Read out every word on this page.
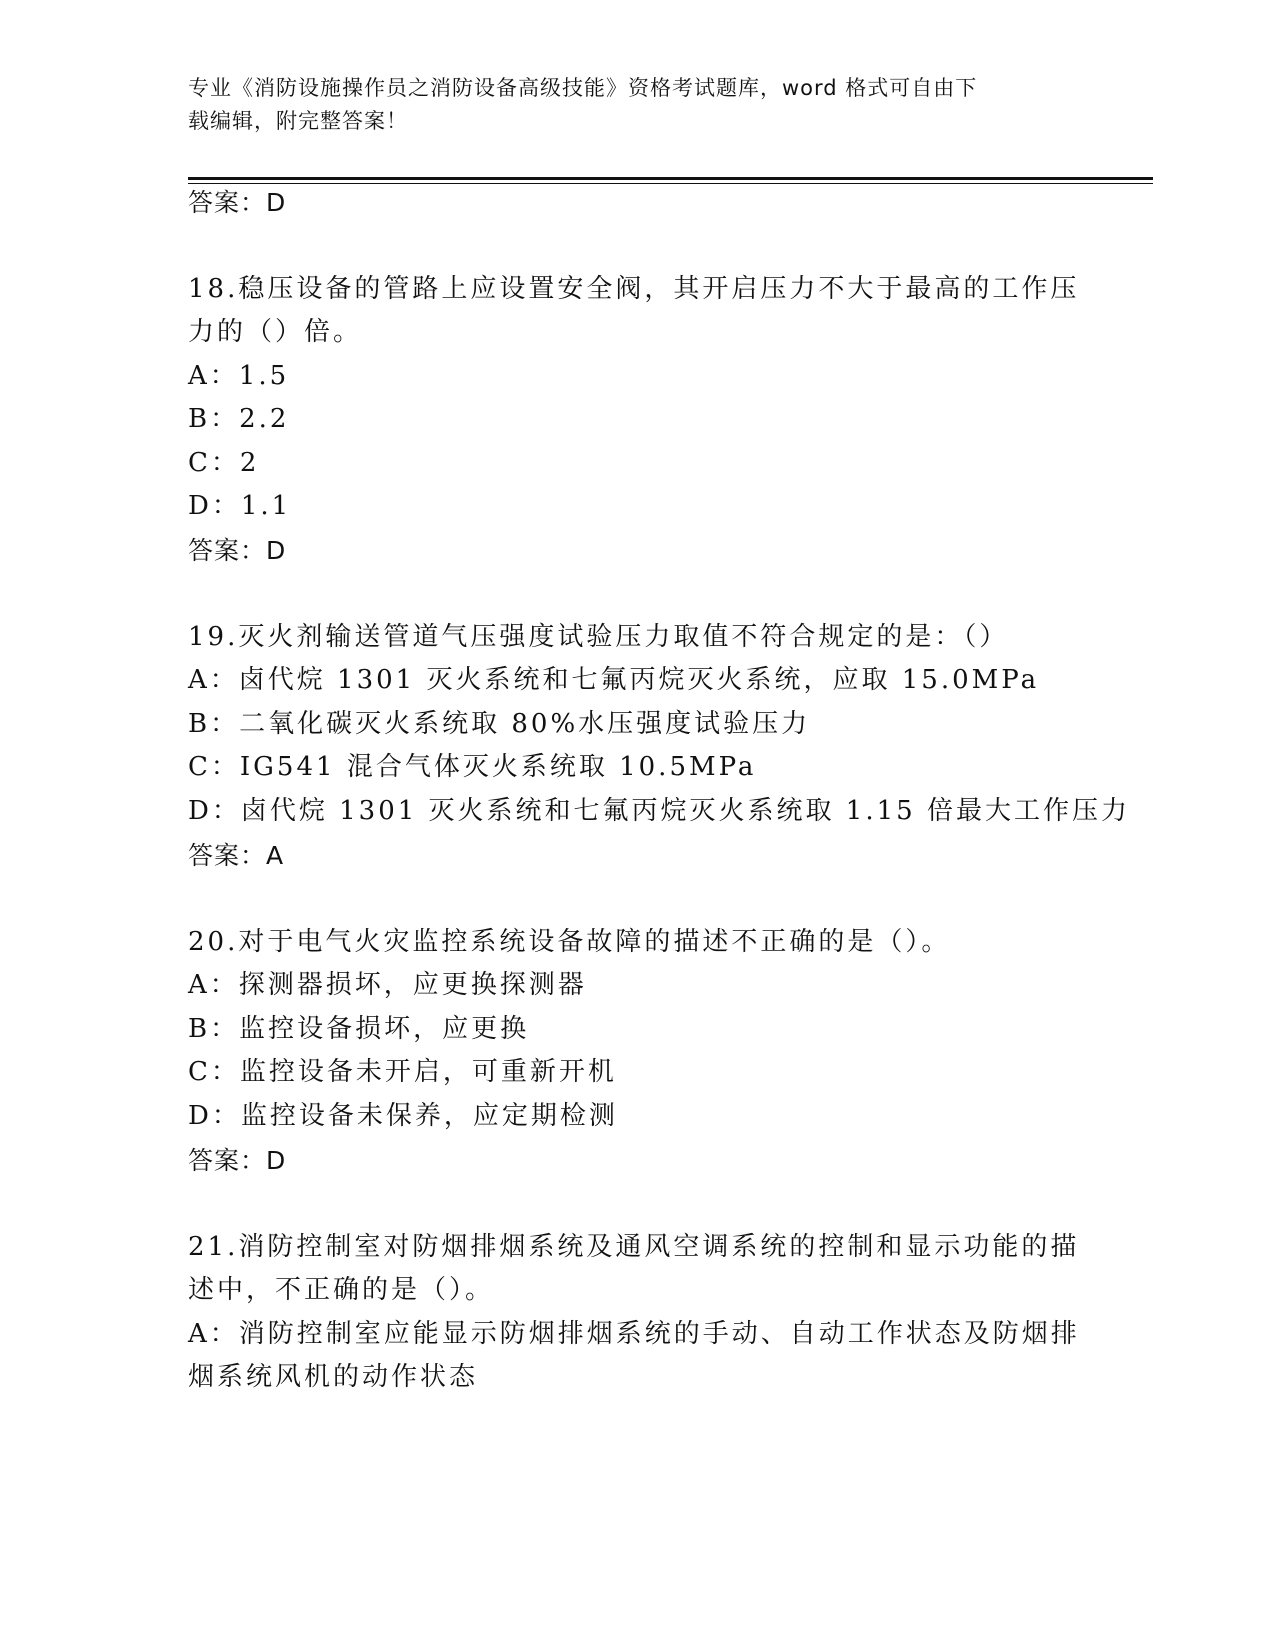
专业《消防设施操作员之消防设备高级技能》资格考试题库，word 格式可自由下
载编辑，附完整答案！
答案：D
18.稳压设备的管路上应设置安全阀，其开启压力不大于最高的工作压
力的（）倍。
A：1.5
B：2.2
C：2
D：1.1
答案：D
19.灭火剂输送管道气压强度试验压力取值不符合规定的是：（）
A：卤代烷 1301 灭火系统和七氟丙烷灭火系统，应取 15.0MPa
B：二氧化碳灭火系统取 80%水压强度试验压力
C：IG541 混合气体灭火系统取 10.5MPa
D：卤代烷 1301 灭火系统和七氟丙烷灭火系统取 1.15 倍最大工作压力
答案：A
20.对于电气火灾监控系统设备故障的描述不正确的是（）。
A：探测器损坏，应更换探测器
B：监控设备损坏，应更换
C：监控设备未开启，可重新开机
D：监控设备未保养，应定期检测
答案：D
21.消防控制室对防烟排烟系统及通风空调系统的控制和显示功能的描
述中，不正确的是（）。
A：消防控制室应能显示防烟排烟系统的手动、自动工作状态及防烟排
烟系统风机的动作状态
